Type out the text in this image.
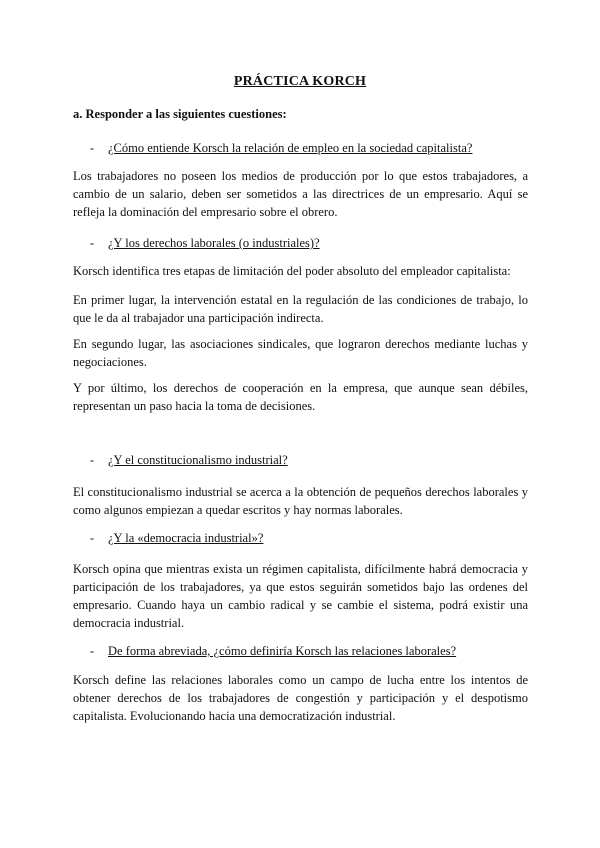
PRÁCTICA KORCH
a. Responder a las siguientes cuestiones:
- ¿Cómo entiende Korsch la relación de empleo en la sociedad capitalista?
Los trabajadores no poseen los medios de producción por lo que estos trabajadores, a cambio de un salario, deben ser sometidos a las directrices de un empresario. Aquí se refleja la dominación del empresario sobre el obrero.
- ¿Y los derechos laborales (o industriales)?
Korsch identifica tres etapas de limitación del poder absoluto del empleador capitalista:
En primer lugar, la intervención estatal en la regulación de las condiciones de trabajo, lo que le da al trabajador una participación indirecta.
En segundo lugar, las asociaciones sindicales, que lograron derechos mediante luchas y negociaciones.
Y por último, los derechos de cooperación en la empresa, que aunque sean débiles, representan un paso hacia la toma de decisiones.
- ¿Y el constitucionalismo industrial?
El constitucionalismo industrial se acerca a la obtención de pequeños derechos laborales y como algunos empiezan a quedar escritos y hay normas laborales.
- ¿Y la «democracia industrial»?
Korsch opina que mientras exista un régimen capitalista, difícilmente habrá democracia y participación de los trabajadores, ya que estos seguirán sometidos bajo las ordenes del empresario. Cuando haya un cambio radical y se cambie el sistema, podrá existir una democracia industrial.
- De forma abreviada, ¿cómo definiría Korsch las relaciones laborales?
Korsch define las relaciones laborales como un campo de lucha entre los intentos de obtener derechos de los trabajadores de congestión y participación y el despotismo capitalista. Evolucionando hacia una democratización industrial.
